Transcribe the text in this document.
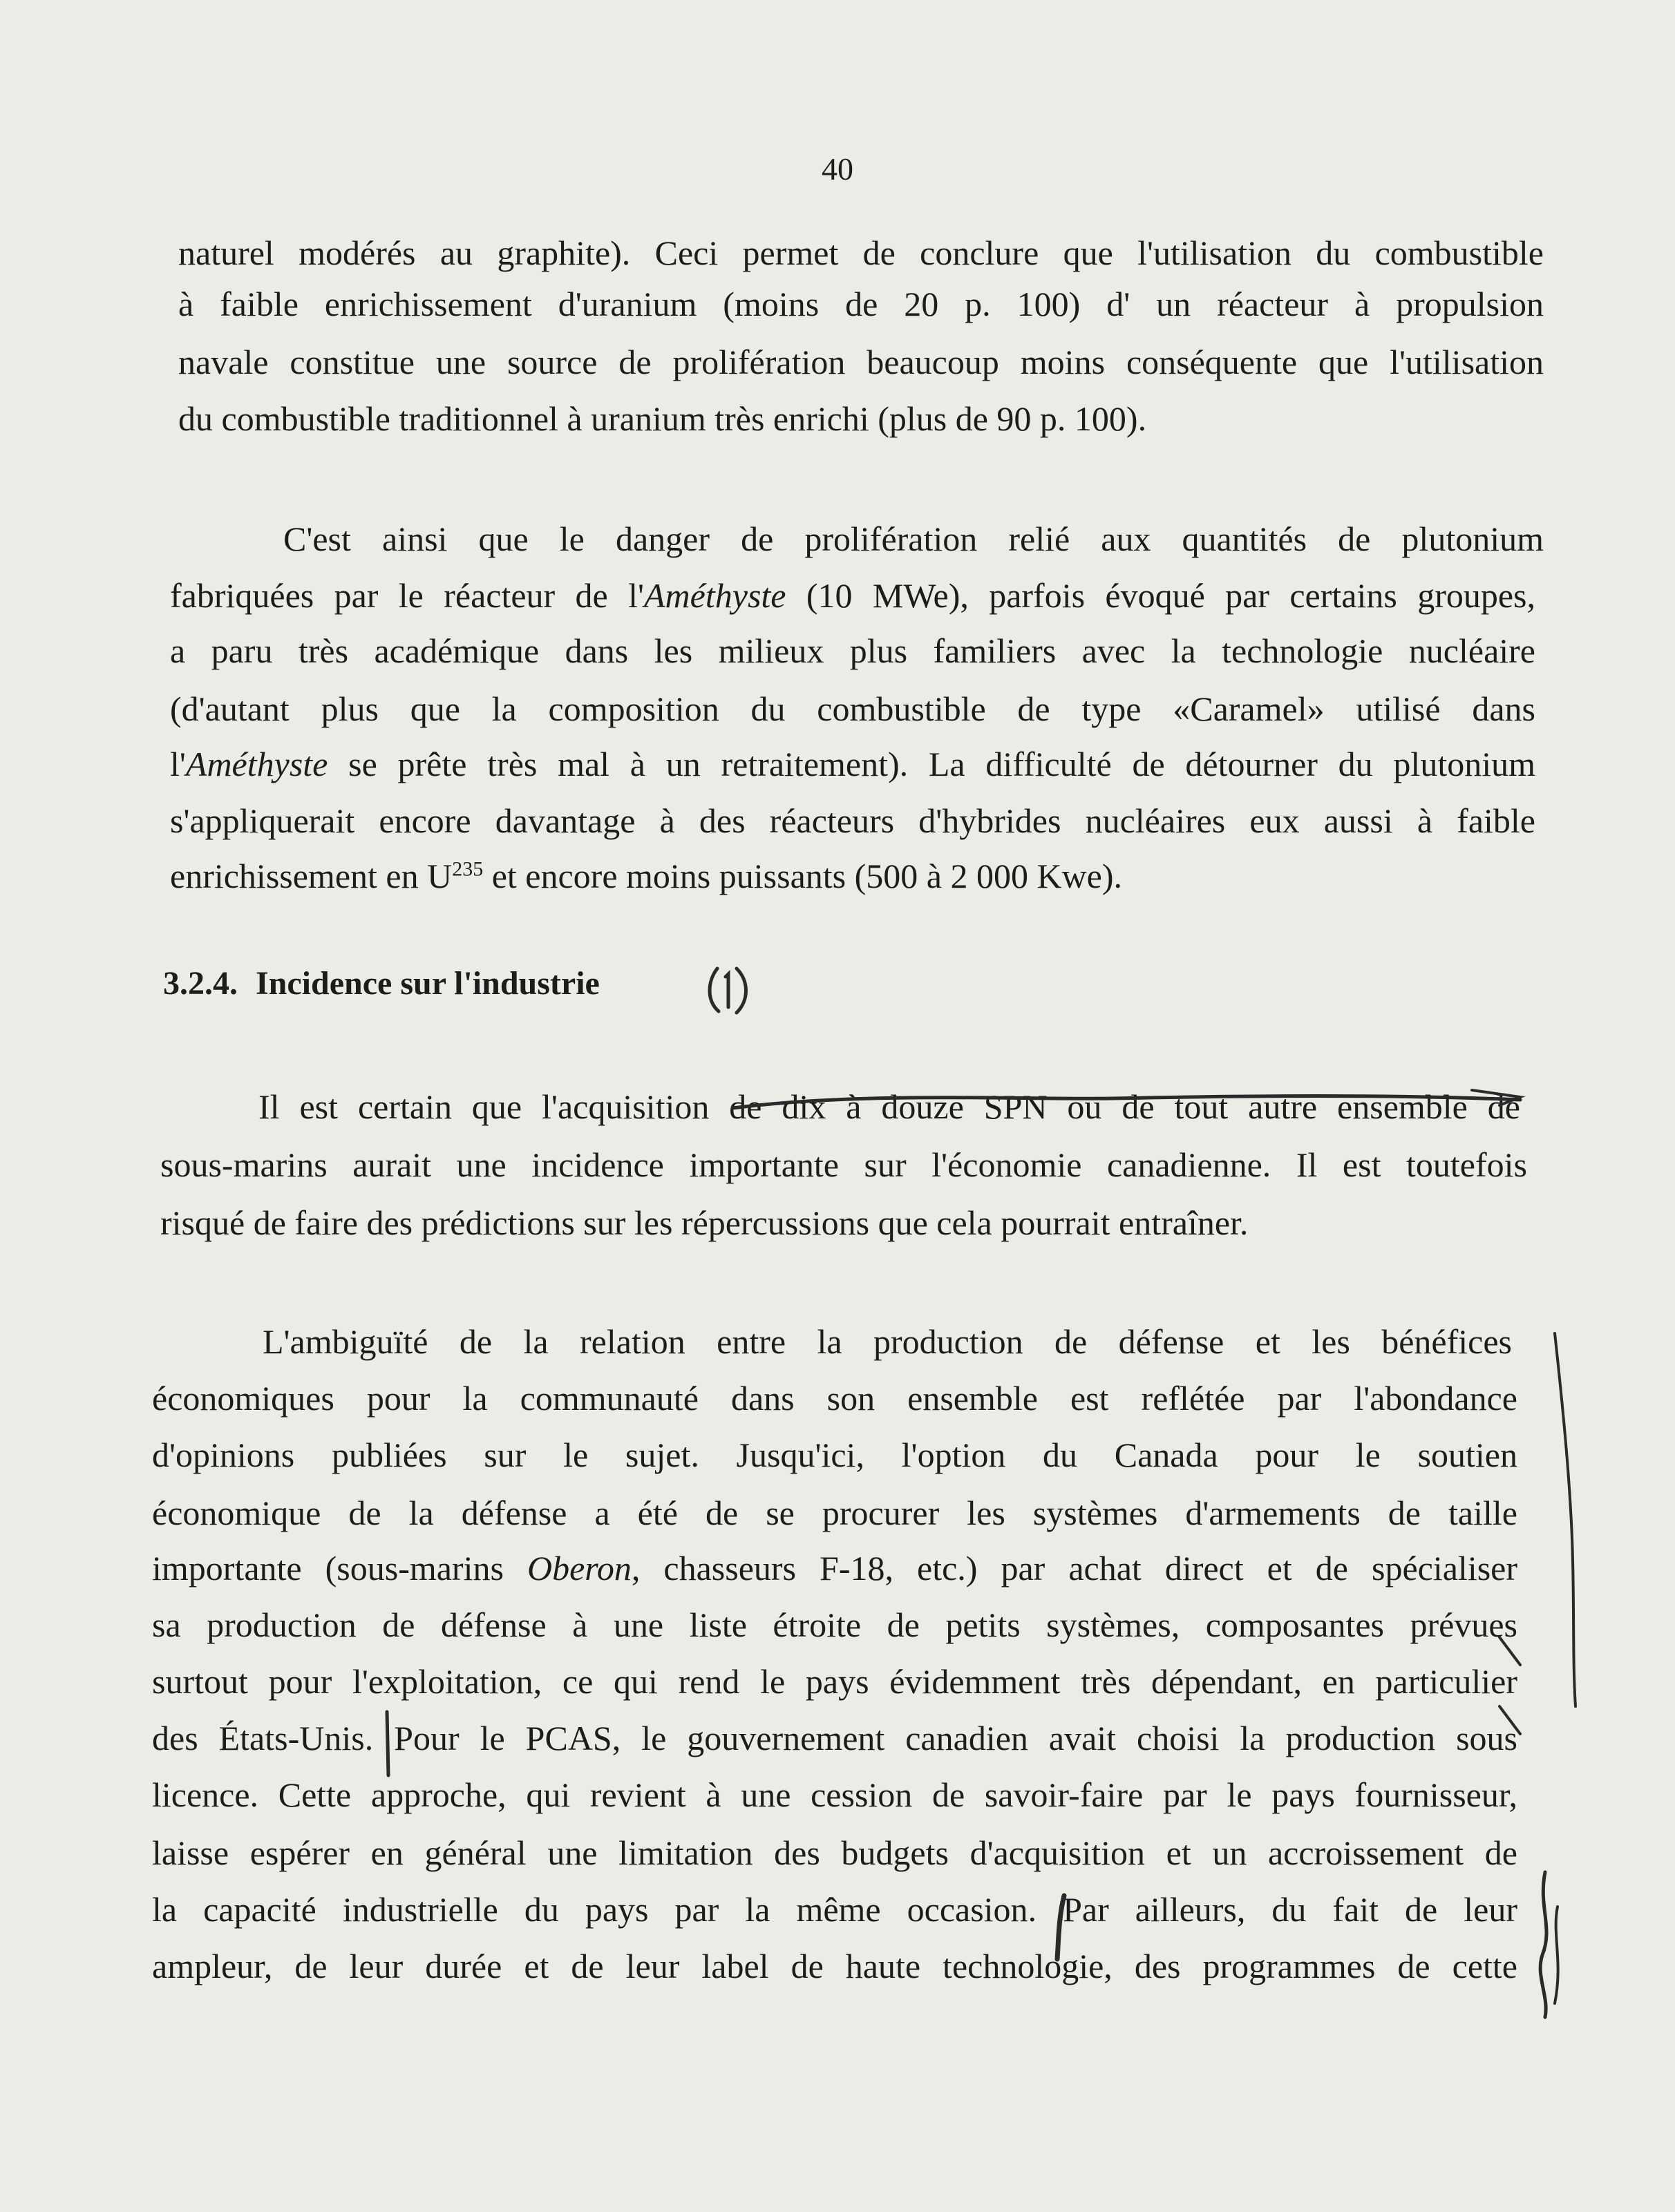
40
naturel modérés au graphite). Ceci permet de conclure que l'utilisation du combustible
à faible enrichissement d'uranium (moins de 20 p. 100) d' un réacteur à propulsion
navale constitue une source de prolifération beaucoup moins conséquente que l'utilisation
du combustible traditionnel à uranium très enrichi (plus de 90 p. 100).
C'est ainsi que le danger de prolifération relié aux quantités de plutonium
fabriquées par le réacteur de l'Améthyste (10 MWe), parfois évoqué par certains groupes,
a paru très académique dans les milieux plus familiers avec la technologie nucléaire
(d'autant plus que la composition du combustible de type «Caramel» utilisé dans
l'Améthyste se prête très mal à un retraitement). La difficulté de détourner du plutonium
s'appliquerait encore davantage à des réacteurs d'hybrides nucléaires eux aussi à faible
enrichissement en $U^{235}$ et encore moins puissants (500 à 2 000 Kwe).
3.2.4. Incidence sur l'industrie
Il est certain que l'acquisition de dix à douze SPN ou de tout autre ensemble de
sous-marins aurait une incidence importante sur l'économie canadienne. Il est toutefois
risqué de faire des prédictions sur les répercussions que cela pourrait entraîner.
L'ambiguïté de la relation entre la production de défense et les bénéfices
économiques pour la communauté dans son ensemble est reflétée par l'abondance
d'opinions publiées sur le sujet. Jusqu'ici, l'option du Canada pour le soutien
économique de la défense a été de se procurer les systèmes d'armements de taille
importante (sous-marins Oberon, chasseurs F-18, etc.) par achat direct et de spécialiser
sa production de défense à une liste étroite de petits systèmes, composantes prévues
surtout pour l'exploitation, ce qui rend le pays évidemment très dépendant, en particulier
des États-Unis. Pour le PCAS, le gouvernement canadien avait choisi la production sous
licence. Cette approche, qui revient à une cession de savoir-faire par le pays fournisseur,
laisse espérer en général une limitation des budgets d'acquisition et un accroissement de
la capacité industrielle du pays par la même occasion. Par ailleurs, du fait de leur
ampleur, de leur durée et de leur label de haute technologie, des programmes de cette
